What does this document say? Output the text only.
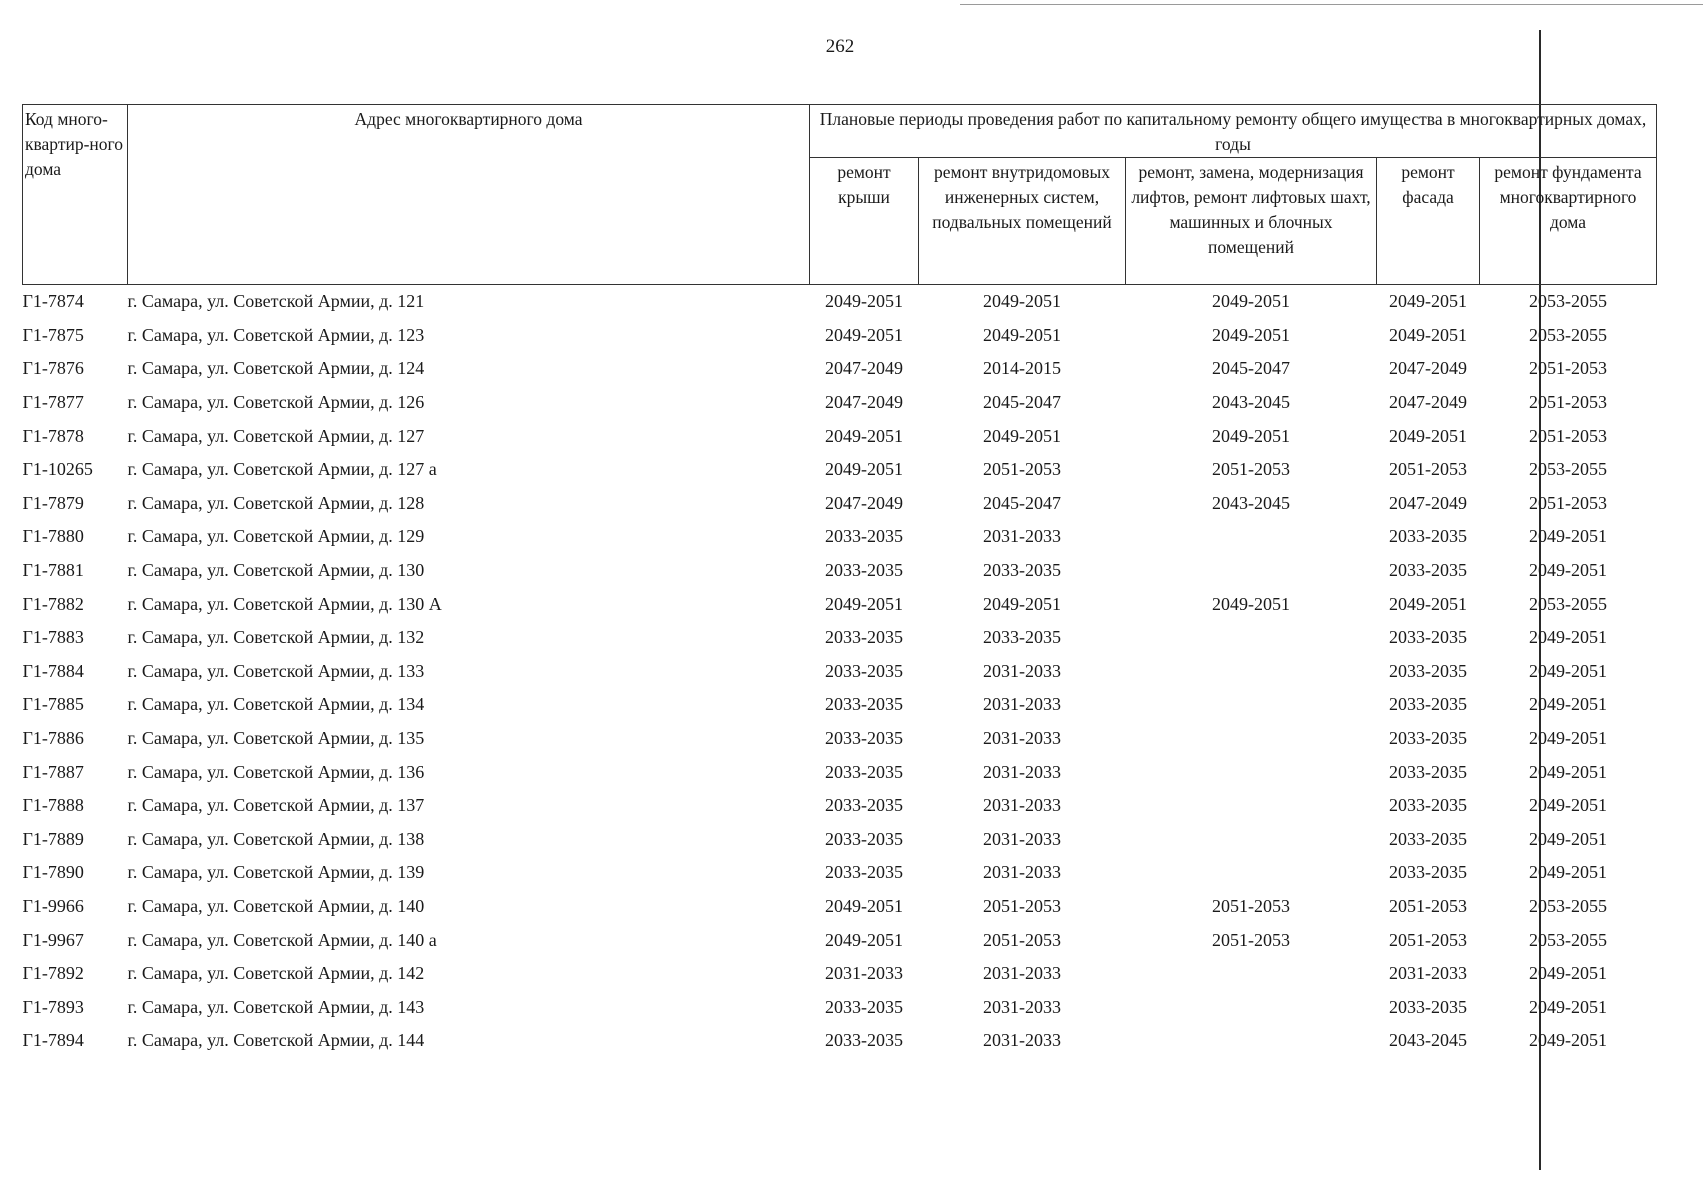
262
Код много-квартир-ного дома	Адрес многоквартирного дома	Плановые периоды проведения работ по капитальному ремонту общего имущества в многоквартирных домах, годы				
		ремонт крыши	ремонт внутридомовых инженерных систем, подвальных помещений	ремонт, замена, модернизация лифтов, ремонт лифтовых шахт, машинных и блочных помещений	ремонт фасада	ремонт фундамента многоквартирного дома
Г1-7874	г. Самара, ул. Советской Армии, д. 121	2049-2051	2049-2051	2049-2051	2049-2051	2053-2055
Г1-7875	г. Самара, ул. Советской Армии, д. 123	2049-2051	2049-2051	2049-2051	2049-2051	2053-2055
Г1-7876	г. Самара, ул. Советской Армии, д. 124	2047-2049	2014-2015	2045-2047	2047-2049	2051-2053
Г1-7877	г. Самара, ул. Советской Армии, д. 126	2047-2049	2045-2047	2043-2045	2047-2049	2051-2053
Г1-7878	г. Самара, ул. Советской Армии, д. 127	2049-2051	2049-2051	2049-2051	2049-2051	2051-2053
Г1-10265	г. Самара, ул. Советской Армии, д. 127 а	2049-2051	2051-2053	2051-2053	2051-2053	2053-2055
Г1-7879	г. Самара, ул. Советской Армии, д. 128	2047-2049	2045-2047	2043-2045	2047-2049	2051-2053
Г1-7880	г. Самара, ул. Советской Армии, д. 129	2033-2035	2031-2033		2033-2035	2049-2051
Г1-7881	г. Самара, ул. Советской Армии, д. 130	2033-2035	2033-2035		2033-2035	2049-2051
Г1-7882	г. Самара, ул. Советской Армии, д. 130 А	2049-2051	2049-2051	2049-2051	2049-2051	2053-2055
Г1-7883	г. Самара, ул. Советской Армии, д. 132	2033-2035	2033-2035		2033-2035	2049-2051
Г1-7884	г. Самара, ул. Советской Армии, д. 133	2033-2035	2031-2033		2033-2035	2049-2051
Г1-7885	г. Самара, ул. Советской Армии, д. 134	2033-2035	2031-2033		2033-2035	2049-2051
Г1-7886	г. Самара, ул. Советской Армии, д. 135	2033-2035	2031-2033		2033-2035	2049-2051
Г1-7887	г. Самара, ул. Советской Армии, д. 136	2033-2035	2031-2033		2033-2035	2049-2051
Г1-7888	г. Самара, ул. Советской Армии, д. 137	2033-2035	2031-2033		2033-2035	2049-2051
Г1-7889	г. Самара, ул. Советской Армии, д. 138	2033-2035	2031-2033		2033-2035	2049-2051
Г1-7890	г. Самара, ул. Советской Армии, д. 139	2033-2035	2031-2033		2033-2035	2049-2051
Г1-9966	г. Самара, ул. Советской Армии, д. 140	2049-2051	2051-2053	2051-2053	2051-2053	2053-2055
Г1-9967	г. Самара, ул. Советской Армии, д. 140 а	2049-2051	2051-2053	2051-2053	2051-2053	2053-2055
Г1-7892	г. Самара, ул. Советской Армии, д. 142	2031-2033	2031-2033		2031-2033	2049-2051
Г1-7893	г. Самара, ул. Советской Армии, д. 143	2033-2035	2031-2033		2033-2035	2049-2051
Г1-7894	г. Самара, ул. Советской Армии, д. 144	2033-2035	2031-2033		2043-2045	2049-2051
